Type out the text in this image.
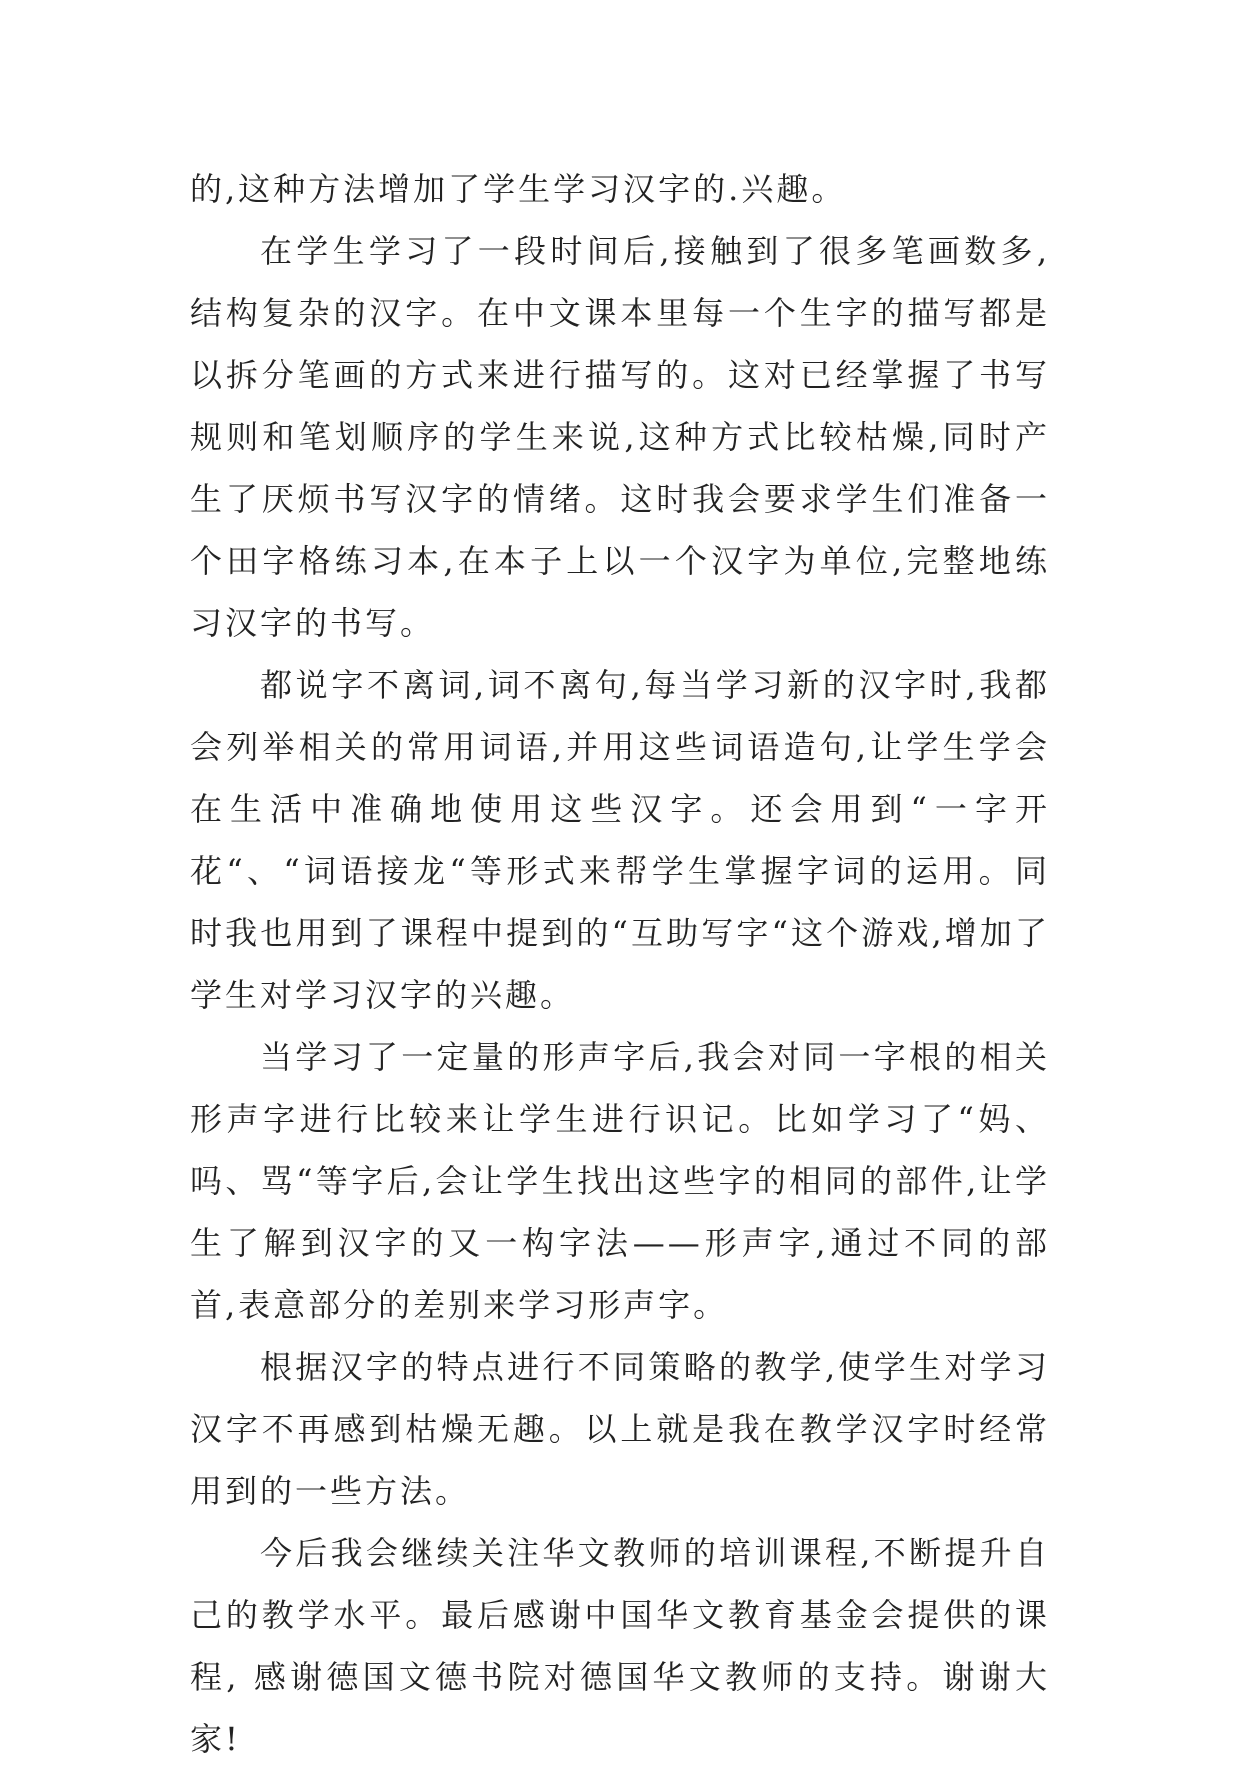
的,这种方法增加了学生学习汉字的.兴趣。

在学生学习了一段时间后,接触到了很多笔画数多,结构复杂的汉字。在中文课本里每一个生字的描写都是以拆分笔画的方式来进行描写的。这对已经掌握了书写规则和笔划顺序的学生来说,这种方式比较枯燥,同时产生了厌烦书写汉字的情绪。这时我会要求学生们准备一个田字格练习本,在本子上以一个汉字为单位,完整地练习汉字的书写。

都说字不离词,词不离句,每当学习新的汉字时,我都会列举相关的常用词语,并用这些词语造句,让学生学会在生活中准确地使用这些汉字。还会用到“一字开花“、“词语接龙“等形式来帮学生掌握字词的运用。同时我也用到了课程中提到的“互助写字“这个游戏,增加了学生对学习汉字的兴趣。

当学习了一定量的形声字后,我会对同一字根的相关形声字进行比较来让学生进行识记。比如学习了“妈、吗、骂“等字后,会让学生找出这些字的相同的部件,让学生了解到汉字的又一构字法——形声字,通过不同的部首,表意部分的差别来学习形声字。

根据汉字的特点进行不同策略的教学,使学生对学习汉字不再感到枯燥无趣。以上就是我在教学汉字时经常用到的一些方法。

今后我会继续关注华文教师的培训课程,不断提升自己的教学水平。最后感谢中国华文教育基金会提供的课程, 感谢德国文德书院对德国华文教师的支持。谢谢大家!
